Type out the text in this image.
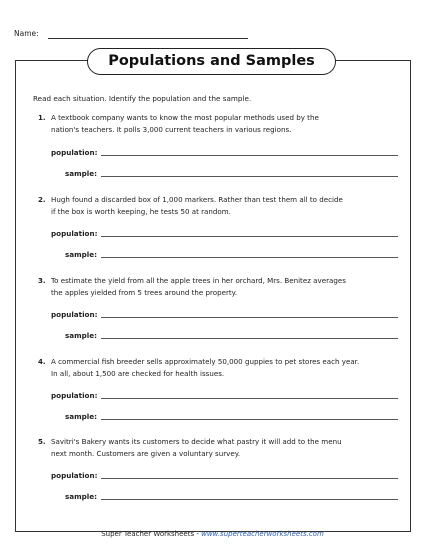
Name:
Populations and Samples
Read each situation. Identify the population and the sample.
1. A textbook company wants to know the most popular methods used by the
nation's teachers. It polls 3,000 current teachers in various regions.
population:
sample:
2. Hugh found a discarded box of 1,000 markers. Rather than test them all to decide
if the box is worth keeping, he tests 50 at random.
population:
sample:
3. To estimate the yield from all the apple trees in her orchard, Mrs. Benitez averages
the apples yielded from 5 trees around the property.
population:
sample:
4. A commercial fish breeder sells approximately 50,000 guppies to pet stores each year.
In all, about 1,500 are checked for health issues.
population:
sample:
5. Savitri's Bakery wants its customers to decide what pastry it will add to the menu
next month. Customers are given a voluntary survey.
population:
sample:
Super Teacher Worksheets - www.superteacherworksheets.com
